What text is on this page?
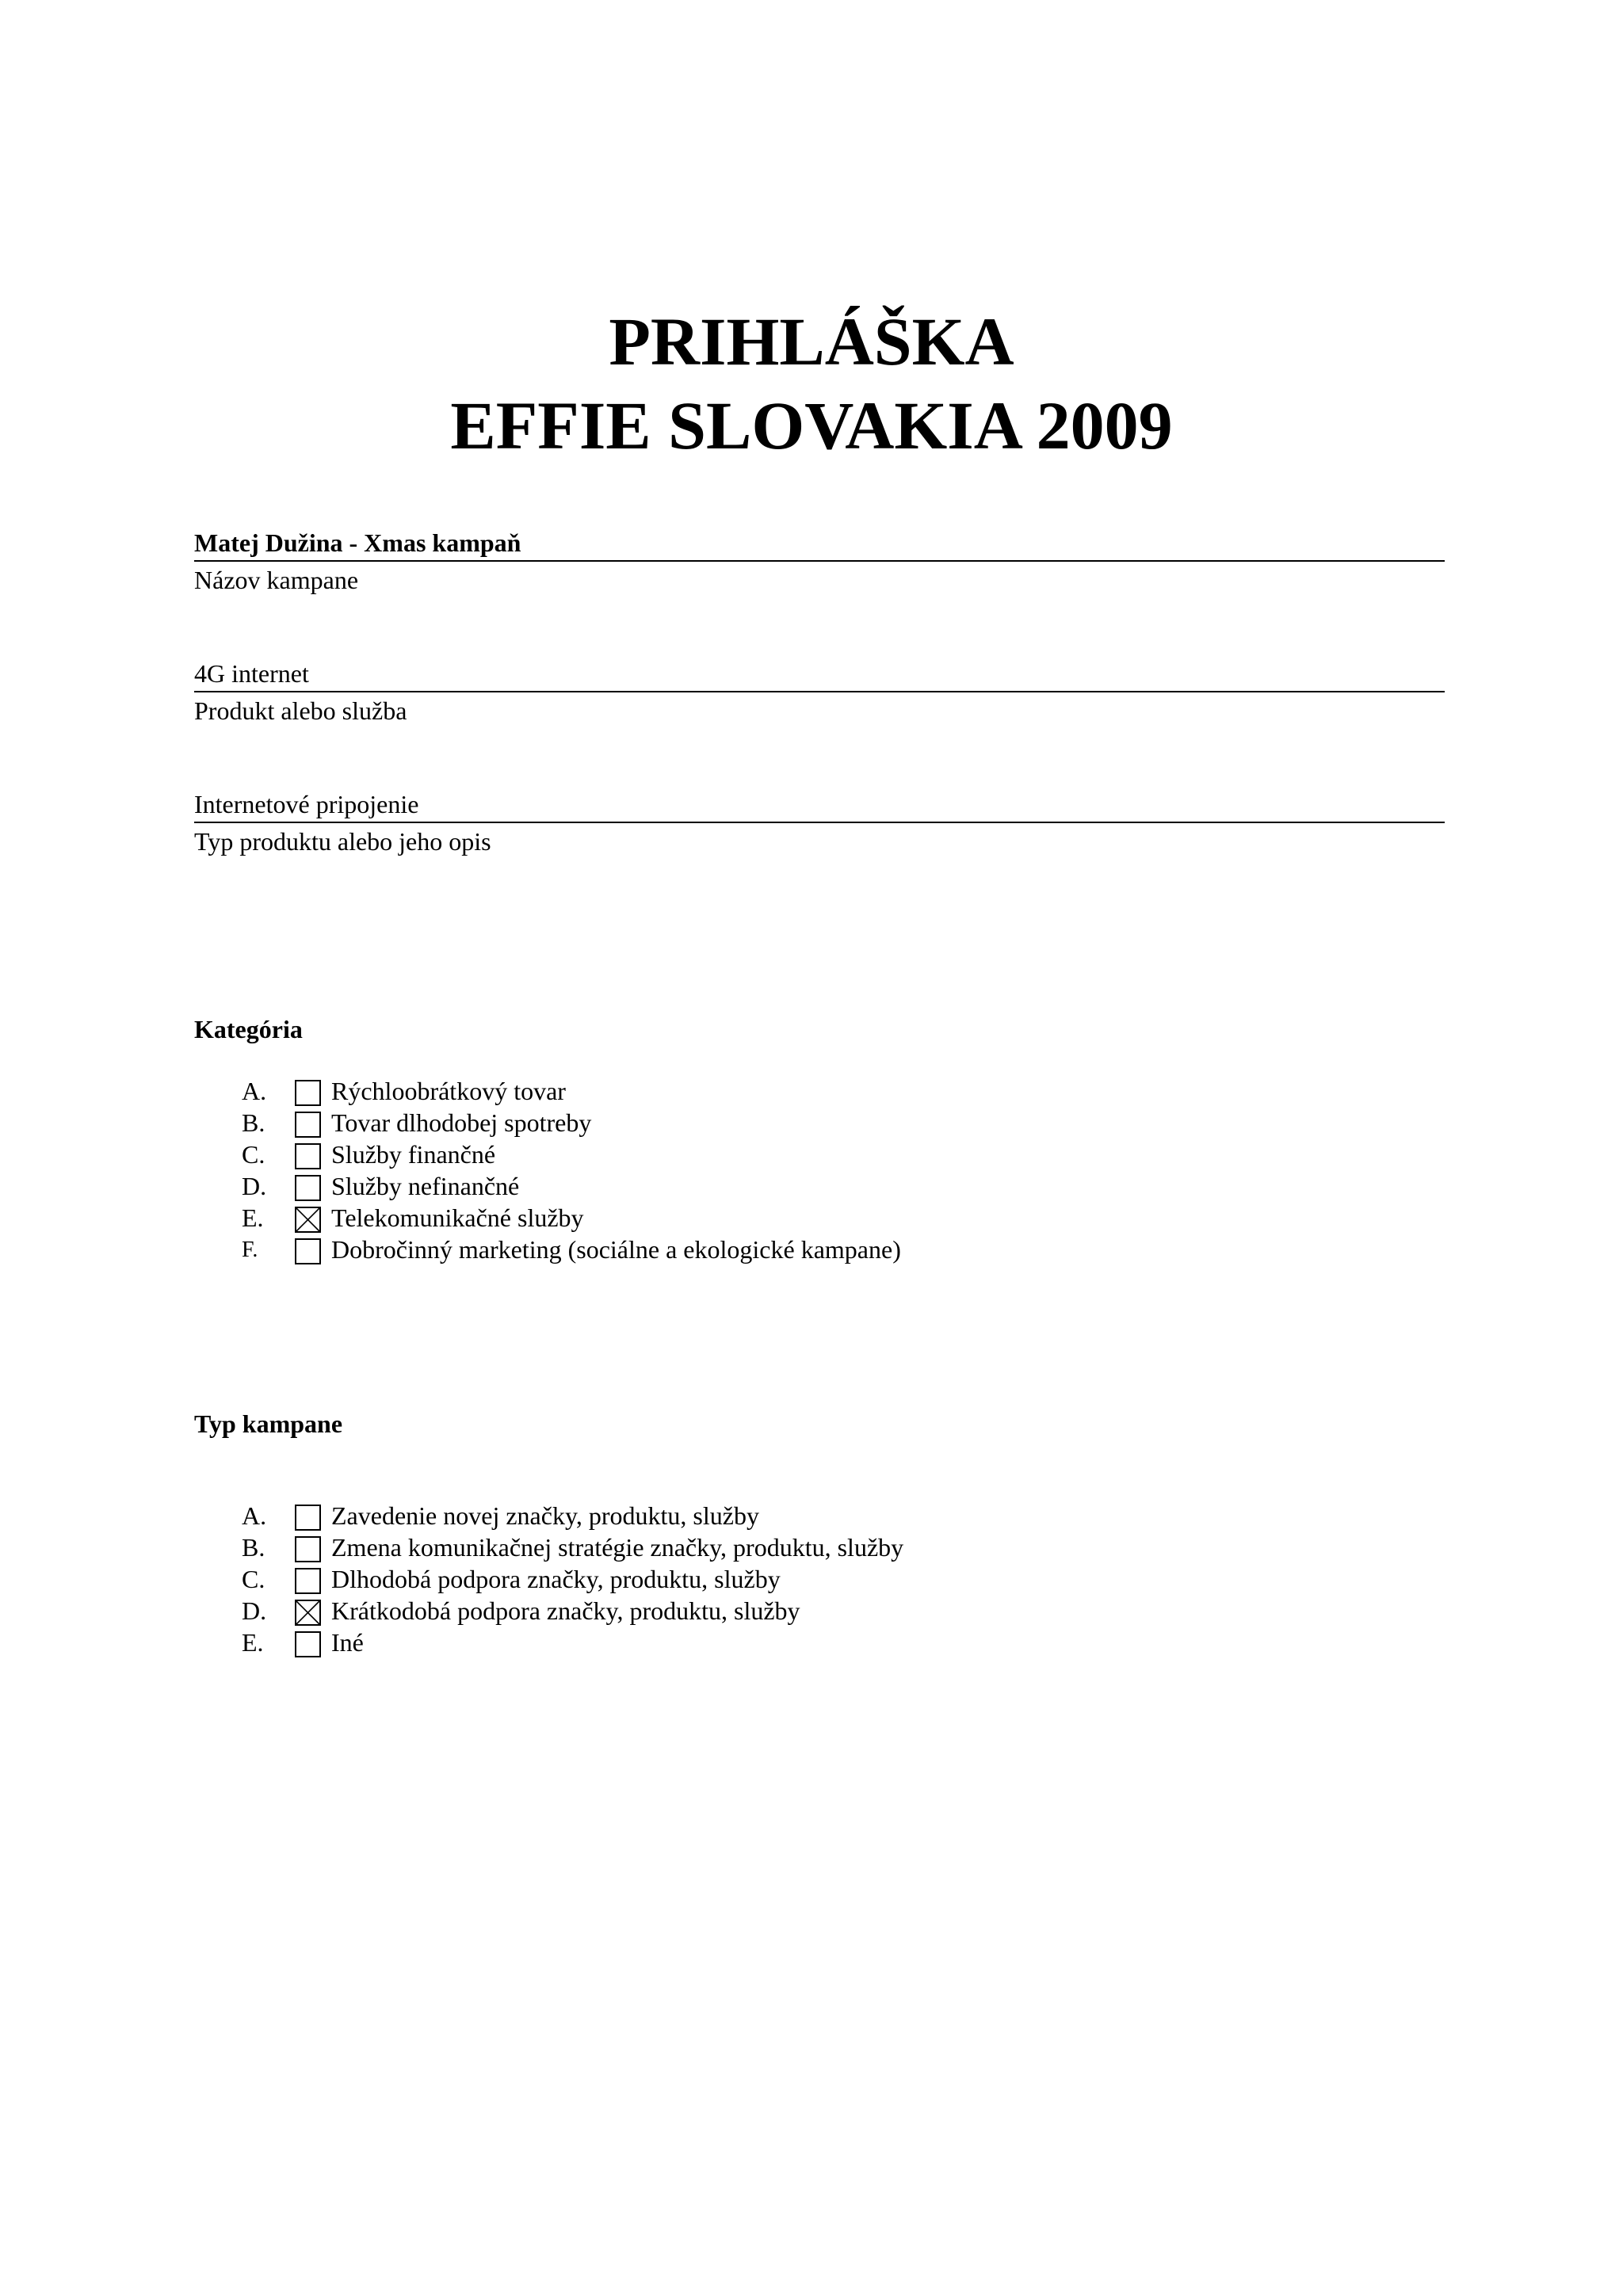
PRIHLÁŠKA
EFFIE SLOVAKIA 2009
Matej Dužina - Xmas kampaň
Názov kampane
4G internet
Produkt alebo služba
Internetové pripojenie
Typ produktu alebo jeho opis
Kategória
A.	Rýchloobrátkový tovar
B.	Tovar dlhodobej spotreby
C.	Služby finančné
D.	Služby nefinančné
E.	Telekomunikačné služby
F.	Dobročinný marketing (sociálne a ekologické kampane)
Typ kampane
A.	Zavedenie novej značky, produktu, služby
B.	Zmena komunikačnej stratégie značky, produktu, služby
C.	Dlhodobá podpora značky, produktu, služby
D.	Krátkodobá podpora značky, produktu, služby
E.	Iné
